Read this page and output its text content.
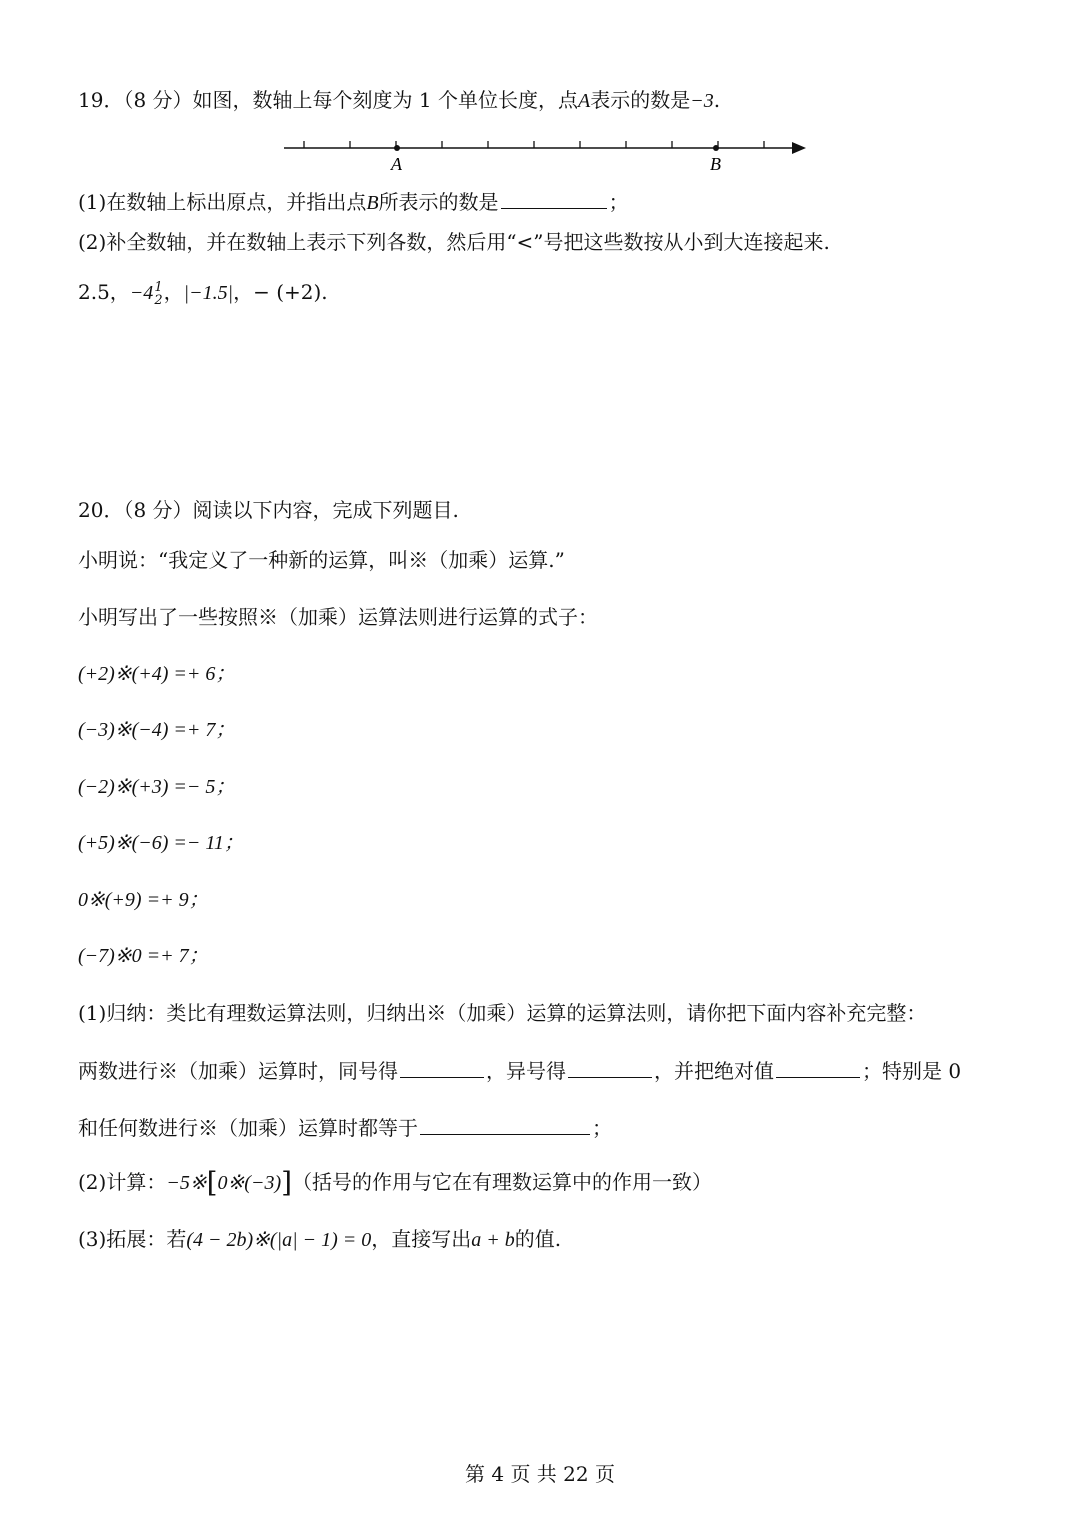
19．（8 分）如图，数轴上每个刻度为 1 个单位长度，点A表示的数是−3.
A	B
(1)在数轴上标出原点，并指出点B所表示的数是	；
(2)补全数轴，并在数轴上表示下列各数，然后用“<”号把这些数按从小到大连接起来.
2.5，−4 1
2 ，|−1.5|，− (+2).
20．（8 分）阅读以下内容，完成下列题目.
小明说：“我定义了一种新的运算，叫※（加乘）运算.”
小明写出了一些按照※（加乘）运算法则进行运算的式子：
(+2)※(+4) =+ 6；
(−3)※(−4) =+ 7；
(−2)※(+3) =− 5；
(+5)※(−6) =− 11；
0※(+9) =+ 9；
(−7)※0 =+ 7；
(1)归纳：类比有理数运算法则，归纳出※（加乘）运算的运算法则，请你把下面内容补充完整：
两数进行※（加乘）运算时，同号得	，异号得	，并把绝对值	；特别是 0
和任何数进行※（加乘）运算时都等于	；
(2)计算：−5※[0※(−3)]（括号的作用与它在有理数运算中的作用一致）
(3)拓展：若(4 − 2b)※(|a| − 1) = 0，直接写出a + b的值.
第 4 页 共 22 页
